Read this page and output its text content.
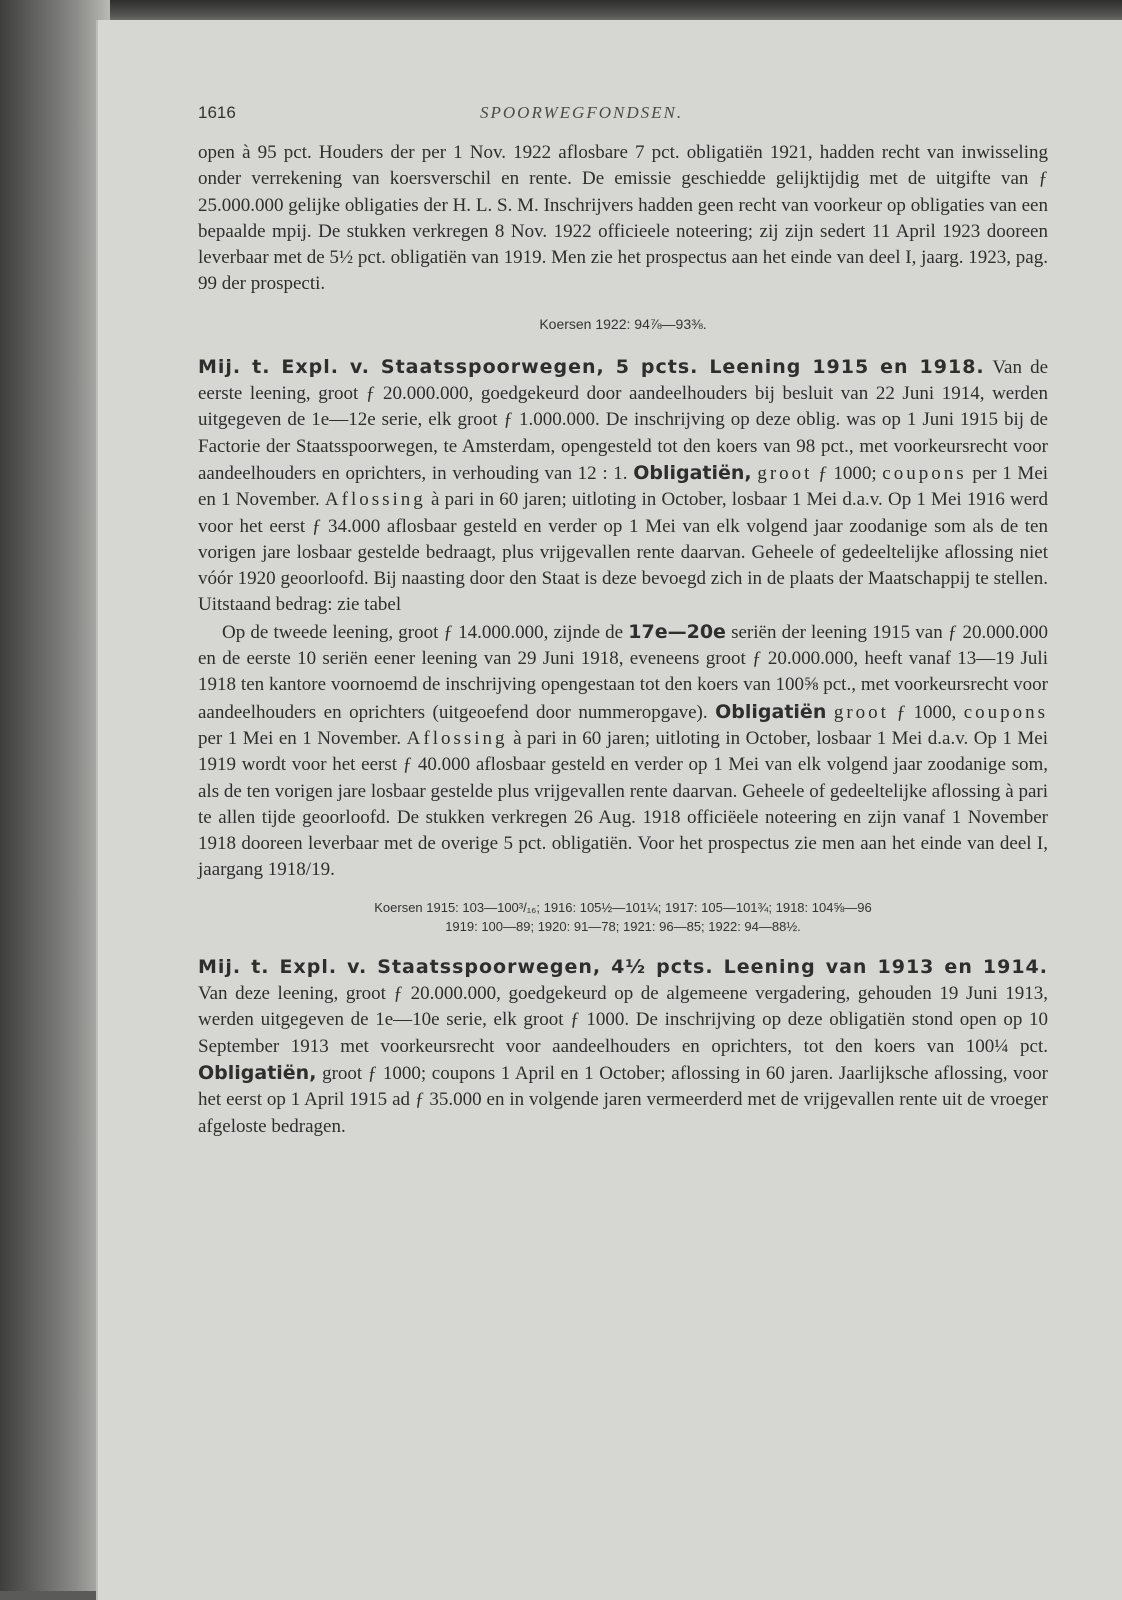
1616	SPOORWEGFONDSEN.

open à 95 pct. Houders der per 1 Nov. 1922 aflosbare 7 pct. obligatiën 1921, hadden recht van inwisseling onder verrekening van koersverschil en rente. De emissie geschiedde gelijktijdig met de uitgifte van ƒ 25.000.000 gelijke obligaties der H. L. S. M. Inschrijvers hadden geen recht van voorkeur op obligaties van een bepaalde mpij. De stukken verkregen 8 Nov. 1922 officieele noteering; zij zijn sedert 11 April 1923 dooreen leverbaar met de 5½ pct. obligatiën van 1919. Men zie het prospectus aan het einde van deel I, jaarg. 1923, pag. 99 der prospecti.

Koersen 1922: 94⅞—93⅜.

Mij. t. Expl. v. Staatsspoorwegen, 5 pcts. Leening 1915 en 1918. Van de eerste leening, groot ƒ 20.000.000, goedgekeurd door aandeelhouders bij besluit van 22 Juni 1914, werden uitgegeven de 1e—12e serie, elk groot ƒ 1.000.000. De inschrijving op deze oblig. was op 1 Juni 1915 bij de Factorie der Staatsspoorwegen, te Amsterdam, opengesteld tot den koers van 98 pct., met voorkeursrecht voor aandeelhouders en oprichters, in verhouding van 12 : 1. Obligatiën, groot ƒ 1000; coupons per 1 Mei en 1 November. Aflossing à pari in 60 jaren; uitloting in October, losbaar 1 Mei d.a.v. Op 1 Mei 1916 werd voor het eerst ƒ 34.000 aflosbaar gesteld en verder op 1 Mei van elk volgend jaar zoodanige som als de ten vorigen jare losbaar gestelde bedraagt, plus vrijgevallen rente daarvan. Geheele of gedeeltelijke aflossing niet vóór 1920 geoorloofd. Bij naasting door den Staat is deze bevoegd zich in de plaats der Maatschappij te stellen. Uitstaand bedrag: zie tabel

Op de tweede leening, groot ƒ 14.000.000, zijnde de 17e—20e seriën der leening 1915 van ƒ 20.000.000 en de eerste 10 seriën eener leening van 29 Juni 1918, eveneens groot ƒ 20.000.000, heeft vanaf 13—19 Juli 1918 ten kantore voornoemd de inschrijving opengestaan tot den koers van 100⅝ pct., met voorkeursrecht voor aandeelhouders en oprichters (uitgeoefend door nummeropgave). Obligatiën groot ƒ 1000, coupons per 1 Mei en 1 November. Aflossing à pari in 60 jaren; uitloting in October, losbaar 1 Mei d.a.v. Op 1 Mei 1919 wordt voor het eerst ƒ 40.000 aflosbaar gesteld en verder op 1 Mei van elk volgend jaar zoodanige som, als de ten vorigen jare losbaar gestelde plus vrijgevallen rente daarvan. Geheele of gedeeltelijke aflossing à pari te allen tijde geoorloofd. De stukken verkregen 26 Aug. 1918 officiëele noteering en zijn vanaf 1 November 1918 dooreen leverbaar met de overige 5 pct. obligatiën. Voor het prospectus zie men aan het einde van deel I, jaargang 1918/19.

Koersen 1915: 103—100³/₁₆; 1916: 105½—101¼; 1917: 105—101¾; 1918: 104⅝—96
1919: 100—89; 1920: 91—78; 1921: 96—85; 1922: 94—88½.

Mij. t. Expl. v. Staatsspoorwegen, 4½ pcts. Leening van 1913 en 1914. Van deze leening, groot ƒ 20.000.000, goedgekeurd op de algemeene vergadering, gehouden 19 Juni 1913, werden uitgegeven de 1e—10e serie, elk groot ƒ 1000. De inschrijving op deze obligatiën stond open op 10 September 1913 met voorkeursrecht voor aandeelhouders en oprichters, tot den koers van 100¼ pct. Obligatiën, groot ƒ 1000; coupons 1 April en 1 October; aflossing in 60 jaren. Jaarlijksche aflossing, voor het eerst op 1 April 1915 ad ƒ 35.000 en in volgende jaren vermeerderd met de vrijgevallen rente uit de vroeger afgeloste bedragen.
